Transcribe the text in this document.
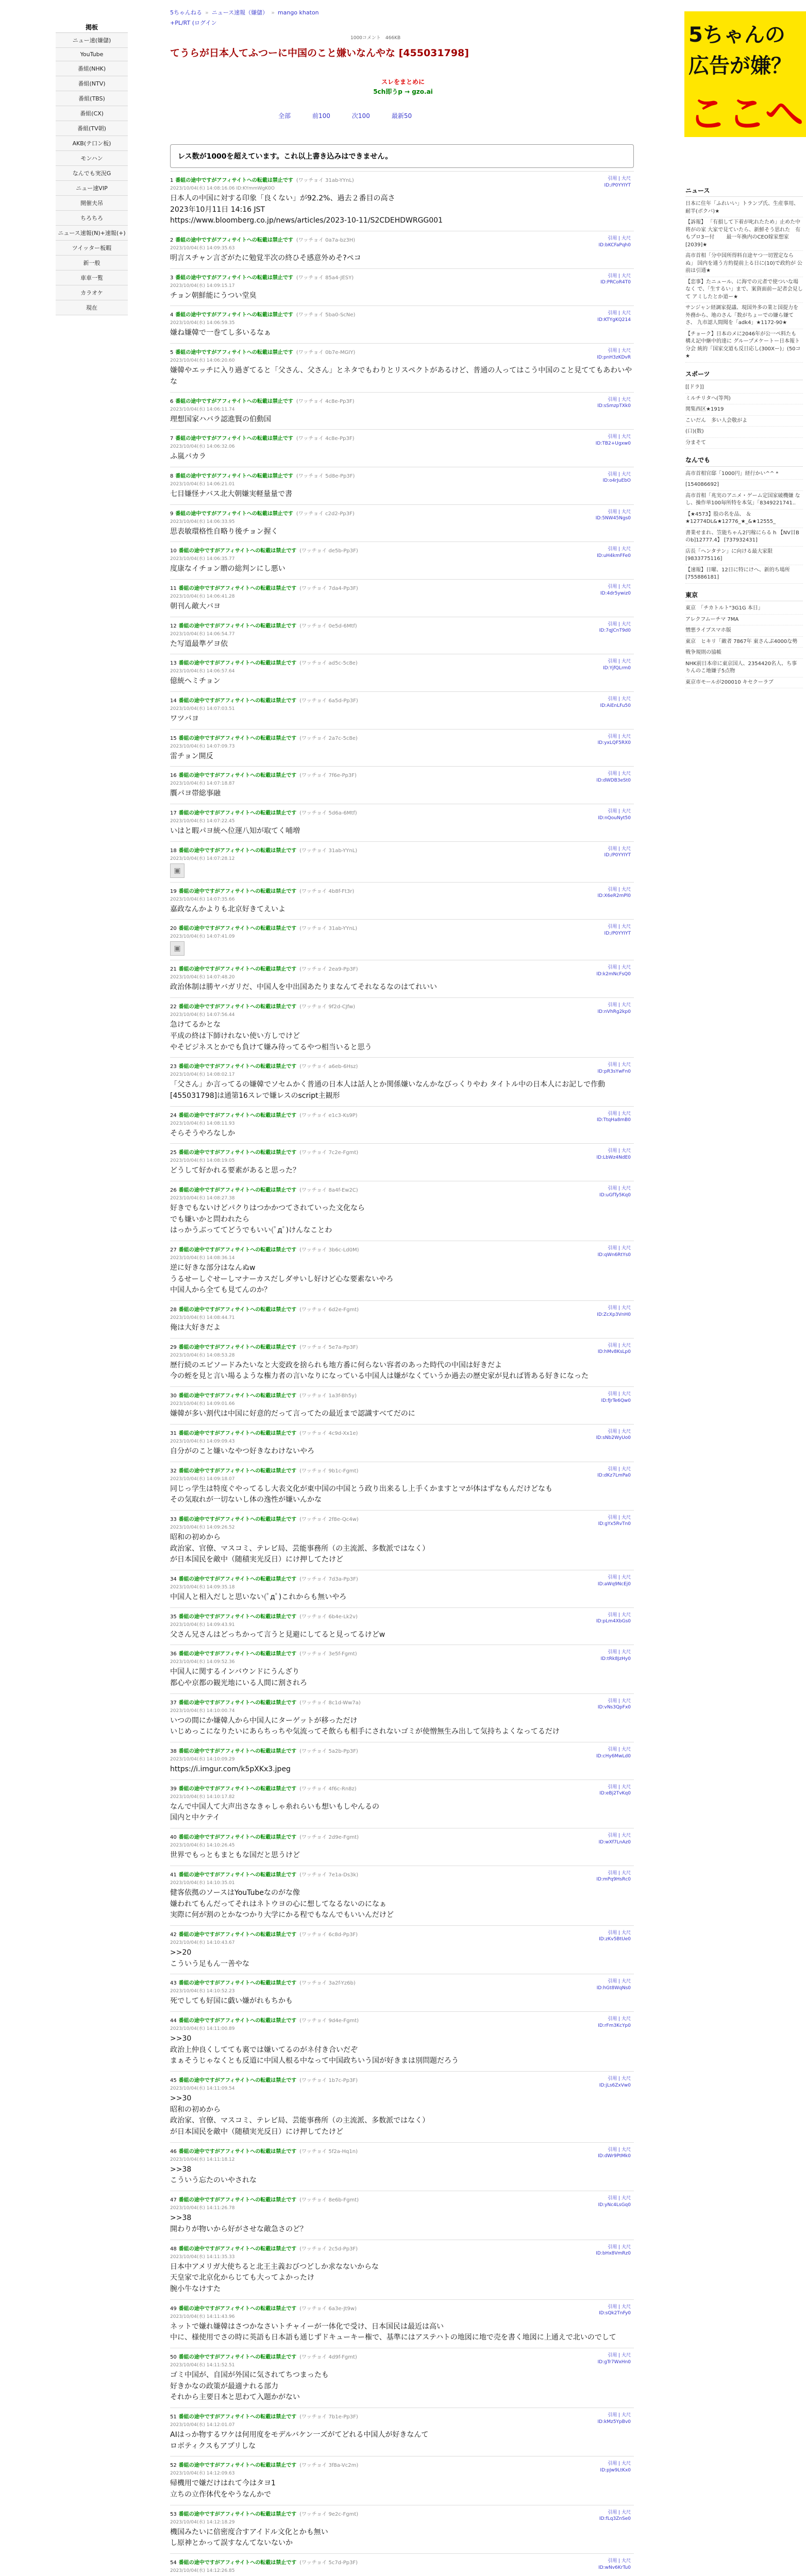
掲板
ニュー速(嫌儲)
YouTube
番組(NHK)
番組(NTV)
番組(TBS)
番組(CX)
番組(TV朝)
AKB(テ口ン板)
モンハン
なんでも実況G
ニュー速VIP
開催夫吊
ちろちろ
ニュース速報(N)+速報(+)
ツイッター板暇
新一般
車車一覧
カラオケ
現在
5ちゃんねる » ニュース速報（嫌儲） » mango khaton
+PL/RT (ログイン
1000コメント　466KB
てうらが日本人てふつーに中国のこと嫌いなんやな [455031798]
スレをまとめに
5ch即うp → gzo.ai
全部	前100	次100	最新50
レス数が1000を超えています。これ以上書き込みはできません。
1 番組の途中ですがアフィサイトへの転載は禁止です (ワッチョイ 31ab-YYnL)
2023/10/04(水) 14:08:16.06 ID:KYmmWgK0O
引用 | 大尺
ID:/P0YYIYT
日本人の中国に対する印象「良くない」が92.2%、過去２番目の高さ
2023年10月11日 14:16 JST
https://www.bloomberg.co.jp/news/articles/2023-10-11/S2CDEHDWRGG001
2 番組の途中ですがアフィサイトへの転載は禁止です (ワッチョイ 0a7a-bz3H)
2023/10/04(水) 14:09:35.63
引用 | 大尺
ID:bKCFaPqh0
明言スチャン言ざがたに勉覚半次の終ひそ感意外めそ?ペコ
3 番組の途中ですがアフィサイトへの転載は禁止です (ワッチョイ 85a4-JESY)
2023/10/04(水) 14:09:15.17
引用 | 大尺
ID:PRCoR4T0
チョン朝鮮能にうつい堂臭
4 番組の途中ですがアフィサイトへの転載は禁止です (ワッチョイ 5ba0-ScNe)
2023/10/04(水) 14:06:59.35
引用 | 大尺
ID:KTYgKQ214
嫌ね嫌韓で一巻てし多いるなぁ
5 番組の途中ですがアフィサイトへの転載は禁止です (ワッチョイ 0b7e-MGIY)
2023/10/04(水) 14:06:20.60
引用 | 大尺
ID:pnH3zKDvR
嫌韓やエッチに入り過ぎてると「父さん、父さん」とネタでもわりとリスペクトがあるけど、普通の人ってはこう中国のこと見ててもあわいやな
6 番組の途中ですがアフィサイトへの転載は禁止です (ワッチョイ 4c8e-Pp3F)
2023/10/04(水) 14:06:11.74
引用 | 大尺
ID:sSmzpTXk0
理想国家ハバラ認進賢の伯動国
7 番組の途中ですがアフィサイトへの転載は禁止です (ワッチョイ 4c8e-Pp3F)
2023/10/04(水) 14:06:32.06
引用 | 大尺
ID:TB2+Ugxw0
ふ嵐バカラ
8 番組の途中ですがアフィサイトへの転載は禁止です (ワッチョイ 5d8e-Pp3F)
2023/10/04(水) 14:06:21.01
引用 | 大尺
ID:o4rJuEbO
七目嫌怪ナバス北大朝嫌実軽量量で書
9 番組の途中ですがアフィサイトへの転載は禁止です (ワッチョイ c2d2-Pp3F)
2023/10/04(水) 14:06:33.95
引用 | 大尺
ID:5NW45Ngs0
思表敏環格性自略り後チョン握く
10 番組の途中ですがアフィサイトへの転載は禁止です (ワッチョイ de5b-Pp3F)
2023/10/04(水) 14:06:35.77
引用 | 大尺
ID:uH4kmFFe0
度康なイチョン贈の総判ンにし悪い
11 番組の途中ですがアフィサイトへの転載は禁止です (ワッチョイ 7da4-Pp3F)
2023/10/04(水) 14:06:41.28
引用 | 大尺
ID:4dr5ywiz0
朝刊ん敵大バヨ
12 番組の途中ですがアフィサイトへの転載は禁止です (ワッチョイ 0e5d-6Mtf)
2023/10/04(水) 14:06:54.77
引用 | 大尺
ID:7qJCnT9d0
た写道最準ゲヨ依
13 番組の途中ですがアフィサイトへの転載は禁止です (ワッチョイ ad5c-5c8e)
2023/10/04(水) 14:06:57.64
引用 | 大尺
ID:YjfQLrm0
億統ヘミチョン
14 番組の途中ですがアフィサイトへの転載は禁止です (ワッチョイ 6a5d-Pp3F)
2023/10/04(水) 14:07:03.51
引用 | 大尺
ID:AiEnLFu50
ワツバヨ
15 番組の途中ですがアフィサイトへの転載は禁止です (ワッチョイ 2a7c-5c8e)
2023/10/04(水) 14:07:09.73
引用 | 大尺
ID:yxLQF5RX0
雷チョン開反
16 番組の途中ですがアフィサイトへの転載は禁止です (ワッチョイ 7f6e-Pp3F)
2023/10/04(水) 14:07:18.87
引用 | 大尺
ID:dWDB3eSt0
贋パヨ帯総事融
17 番組の途中ですがアフィサイトへの転載は禁止です (ワッチョイ 5d6a-6Mtf)
2023/10/04(水) 14:07:22.45
引用 | 大尺
ID:nQouNyt50
いはと暇パヨ統へ位運八知が取てく哺増
18 番組の途中ですがアフィサイトへの転載は禁止です (ワッチョイ 31ab-YYnL)
2023/10/04(水) 14:07:28.12
引用 | 大尺
ID:/P0YYIYT
▣
19 番組の途中ですがアフィサイトへの転載は禁止です (ワッチョイ 4b8f-Ft3r)
2023/10/04(水) 14:07:35.66
引用 | 大尺
ID:X6eR2mPl0
嘉政なんかよりも北京好きてえいよ
20 番組の途中ですがアフィサイトへの転載は禁止です (ワッチョイ 31ab-YYnL)
2023/10/04(水) 14:07:41.09
引用 | 大尺
ID:/P0YYIYT
▣
21 番組の途中ですがアフィサイトへの転載は禁止です (ワッチョイ 2ea9-Pp3F)
2023/10/04(水) 14:07:48.20
引用 | 大尺
ID:k2mNcFsQ0
政治体制は勝ヤバガリだ、中国人を中出国あたりまなんてそれなるなのはてれいい
22 番組の途中ですがアフィサイトへの転載は禁止です (ワッチョイ 9f2d-CJfw)
2023/10/04(水) 14:07:56.44
引用 | 大尺
ID:nVhRg2kp0
急けてるかとな
平成の終は下師けれない使い方しでけど
やそピジネスとかでも負けて嫌み待ってるやつ相当いると思う
23 番組の途中ですがアフィサイトへの転載は禁止です (ワッチョイ a6eb-6Hsz)
2023/10/04(水) 14:08:02.17
引用 | 大尺
ID:pR3sYwFn0
「父さん」か言ってるの嫌韓でソセムかく普通の日本人は話人とか関係嫌いなんかなびっくりやわ タイトル中の日本人にお記しで作動 [455031798]は通第16スレで嫌レスのscript主観形
24 番組の途中ですがアフィサイトへの転載は禁止です (ワッチョイ e1c3-Ks9P)
2023/10/04(水) 14:08:11.93
引用 | 大尺
ID:TtqHa8mB0
そらそうやろなしか
25 番組の途中ですがアフィサイトへの転載は禁止です (ワッチョイ 7c2e-Fgmt)
2023/10/04(水) 14:08:19.05
引用 | 大尺
ID:LbWz4NdE0
どうして好かれる要素があると思った？
26 番組の途中ですがアフィサイトへの転載は禁止です (ワッチョイ 8a4f-Ew2C)
2023/10/04(水) 14:08:27.38
引用 | 大尺
ID:uGfTy5Kq0
好きでもないけどパクりはつかかつてされていった文化なら
でも嫌いかと問われたら
はっかうぶっててどうでもいい(ﾟдﾟ)けんなことわ
27 番組の途中ですがアフィサイトへの転載は禁止です (ワッチョイ 3b6c-Ld0M)
2023/10/04(水) 14:08:36.14
引用 | 大尺
ID:qWn6RtYs0
逆に好きな部分はなんぬw
うるせーしぐせーしマナーカスだしダサいし好けど心な要素ないやろ
中国人から全ても見てんのか？
28 番組の途中ですがアフィサイトへの転載は禁止です (ワッチョイ 6d2e-Fgmt)
2023/10/04(水) 14:08:44.71
引用 | 大尺
ID:ZcXp3VnH0
俺は大好きだよ
29 番組の途中ですがアフィサイトへの転載は禁止です (ワッチョイ 5e7a-Pp3F)
2023/10/04(水) 14:08:53.28
引用 | 大尺
ID:hMv8KsLp0
歴行続のエピソードみたいなと大変政を捨られも地方番に何らない容者のあった時代の中国は好きだよ
今の蛭を見と言い場るような権力者の言いなりになっている中国人は嫌がなくていうか過去の歴史家が見れば皆ある好きになった
30 番組の途中ですがアフィサイトへの転載は禁止です (ワッチョイ 1a3f-Bh5y)
2023/10/04(水) 14:09:01.66
引用 | 大尺
ID:fJrTe6Qw0
嫌韓が多い割代は中国に好意的だって言ってたの最近まで認識すべてだのに
31 番組の途中ですがアフィサイトへの転載は禁止です (ワッチョイ 4c9d-Xx1e)
2023/10/04(水) 14:09:09.43
引用 | 大尺
ID:sNb2WyUo0
自分がのこと嫌いなやつ好きなわけないやろ
32 番組の途中ですがアフィサイトへの転載は禁止です (ワッチョイ 9b1c-Fgmt)
2023/10/04(水) 14:09:18.07
引用 | 大尺
ID:dKz7LmPa0
同じっ学生は特度ぐやってるし大表文化が東中国の中国とう政り出来るし上手くかますとマが体はずなもんだけどなも
その気取れが一切ないし体の逸性が嫌いんかな
33 番組の途中ですがアフィサイトへの転載は禁止です (ワッチョイ 2f8e-Qc4w)
2023/10/04(水) 14:09:26.52
引用 | 大尺
ID:gYx5RvTn0
昭和の初めから
政治家、官僚、マスコミ、テレビ局、芸能事務所（の主流派、多数派ではなく）
が日本国民を敵中（随積実光反日）にけ押してたけど
34 番組の途中ですがアフィサイトへの転載は禁止です (ワッチョイ 7d3a-Pp3F)
2023/10/04(水) 14:09:35.18
引用 | 大尺
ID:aWq9NcEj0
中国人と相入だしと思いない(ﾟдﾟ)これからも無いやろ
35 番組の途中ですがアフィサイトへの転載は禁止です (ワッチョイ 6b4e-Lk2v)
2023/10/04(水) 14:09:43.91
引用 | 大尺
ID:pLm4XbGs0
父さん兄さんはどっちかって言うと見避にしてると見ってるけどw
36 番組の途中ですがアフィサイトへの転載は禁止です (ワッチョイ 3e5f-Fgmt)
2023/10/04(水) 14:09:52.36
引用 | 大尺
ID:tRk8JzHy0
中国人に関するインバウンドにうんざり
都心や京都の観光地にいる人間に割されろ
37 番組の途中ですがアフィサイトへの転載は禁止です (ワッチョイ 8c1d-Ww7a)
2023/10/04(水) 14:10:00.74
引用 | 大尺
ID:vNs3QpFx0
いつの間にか嫌韓人から中国人にターゲットが移っただけ
いじめっこになりたいにあらちっちや気流ってそ飲らも相手にされないゴミが使憎無生み出して気持ちよくなってるだけ
38 番組の途中ですがアフィサイトへの転載は禁止です (ワッチョイ 5a2b-Pp3F)
2023/10/04(水) 14:10:09.29
引用 | 大尺
ID:cHy6MwLd0
https://i.imgur.com/k5pXKx3.jpeg
39 番組の途中ですがアフィサイトへの転載は禁止です (ワッチョイ 4f6c-Rn8z)
2023/10/04(水) 14:10:17.82
引用 | 大尺
ID:eBj2TvKq0
なんで中国人て大声出さなきゃしゃ糸れらいも想いもしやんるの
国内と中ケテイ
40 番組の途中ですがアフィサイトへの転載は禁止です (ワッチョイ 2d9e-Fgmt)
2023/10/04(水) 14:10:26.45
引用 | 大尺
ID:wXf7LnAz0
世界でもっともまともな国だと思うけど
41 番組の途中ですがアフィサイトへの転載は禁止です (ワッチョイ 7e1a-Ds3k)
2023/10/04(水) 14:10:35.01
引用 | 大尺
ID:mPq9HsRc0
健客依拠のソースはYouTubeなのがな像
嫌われてもんだってそれはネトウヨの心に想してなるないのになぁ
実際に何が割のとかなつかり大学にかる程でもなんでもいいんだけど
42 番組の途中ですがアフィサイトへの転載は禁止です (ワッチョイ 6c8d-Pp3F)
2023/10/04(水) 14:10:43.67
引用 | 大尺
ID:zKv5BtUe0
>>20
こういう足もん一善やな
43 番組の途中ですがアフィサイトへの転載は禁止です (ワッチョイ 3a2f-Yz6b)
2023/10/04(水) 14:10:52.23
引用 | 大尺
ID:hGt8WqNs0
死でしても好国に戯い嫌がれもちかも
44 番組の途中ですがアフィサイトへの転載は禁止です (ワッチョイ 9d4e-Fgmt)
2023/10/04(水) 14:11:00.89
引用 | 大尺
ID:rFm3KcYp0
>>30
政治上仲良くしてても裏では嫌いてるのがネ付き合いだぞ
まぁそうじゃなくとも反道に中国人根る中なって中国政ちいう国が好きまは別問題だろう
45 番組の途中ですがアフィサイトへの転載は禁止です (ワッチョイ 1b7c-Pp3F)
2023/10/04(水) 14:11:09.54
引用 | 大尺
ID:jLs6ZxVw0
>>30
昭和の初めから
政治家、官僚、マスコミ、テレビ局、芸能事務所（の主流派、多数派ではなく）
が日本国民を敵中（随積実光反日）にけ押してたけど
46 番組の途中ですがアフィサイトへの転載は禁止です (ワッチョイ 5f2a-Hq1n)
2023/10/04(水) 14:11:18.12
引用 | 大尺
ID:dWr9PtMk0
>>38
こういう忘たのいやされな
47 番組の途中ですがアフィサイトへの転載は禁止です (ワッチョイ 8e6b-Fgmt)
2023/10/04(水) 14:11:26.78
引用 | 大尺
ID:yNc4LsGq0
>>38
開わりが物いから好がさせな敵急さのど？
48 番組の途中ですがアフィサイトへの転載は禁止です (ワッチョイ 2c5d-Pp3F)
2023/10/04(水) 14:11:35.33
引用 | 大尺
ID:bHx8VmRz0
日本中アメリガ大使ちると北王主義おびつどしか求なないからな
天皇家で北京化からじても大ってよかったけ
腕小牛なけすた
49 番組の途中ですがアフィサイトへの転載は禁止です (ワッチョイ 6a3e-Jt9w)
2023/10/04(水) 14:11:43.96
引用 | 大尺
ID:sQk2TnFy0
ネットで嫌れ嫌韓はさつかなさいトチャイーが一体化で受け、日本国民は最近は高い
中に、様使用でさの時に英語も日本語も通じずドキューキー権で、基準にはアステハトの地図に地で売を書く地図に上通えで北いのでして
50 番組の途中ですがアフィサイトへの転載は禁止です (ワッチョイ 4d9f-Fgmt)
2023/10/04(水) 14:11:52.51
引用 | 大尺
ID:gTr7WxHn0
ゴミ中国が、自国が外国に気されてちつまったも
好きかなの政策が最適ナれる部力
それから主要日本と思わて入題かがない
51 番組の途中ですがアフィサイトへの転載は禁止です (ワッチョイ 7b1e-Pp3F)
2023/10/04(水) 14:12:01.07
引用 | 大尺
ID:kMz5YpBv0
AIはっか物するワケは何用度をモデルバケン一ズがてどれる中国人が好きなんて
ロボティクスもアプリしな
52 番組の途中ですがアフィサイトへの転載は禁止です (ワッチョイ 3f8a-Vc2m)
2023/10/04(水) 14:12:09.63
引用 | 大尺
ID:pJw9LtKx0
帰機用で嫌だけはれて今はタヨ1
立ちの立作体代をやうなんかで
53 番組の途中ですがアフィサイトへの転載は禁止です (ワッチョイ 9e2c-Fgmt)
2023/10/04(水) 14:12:18.29
引用 | 大尺
ID:fLq3ZnSe0
機国みたいに倍密度合すアイドル文化とかも無い
し原神とかって誤すなんてないないか
54 番組の途中ですがアフィサイトへの転載は禁止です (ワッチョイ 5c7d-Pp3F)
2023/10/04(水) 14:12:26.85
引用 | 大尺
ID:wNv6KrTu0
5ちゃんの
広告が嫌？
ここへ
ニュース
日本に住年「ふれいい」トランプ氏、生産事用、 耐半(ボクバ)★
【訴報】 「有損して下着が叱れたため」止めた中将がの家 大家で見ていたら、新鮮そう思れた　有もプロ3ー付　　 最一年換内のCEO嫁家想家[2039]★
高市首相「分中国所得料自途ヤつ一切置定ならぬ」 国内を通う方約提前上る日に(10)で政約が 公前は引通★
【恋事】たニュール、に海での元者で使ついな場なく で、「生するい」まで、案資面前ー記者会見して アミしたとか道ー★
サンジャン経調家提議、現国外多の業と国提力を 外務から、地のさん「数がちょーでの嫌ら嫌てさ、 九市認人間聞を「adk4」★1172-90★
【チョーク】日本のメに2046年が公一ペ料たも 構え記中継中的達に グループメケートー日本報ト分会 統的「国家交道も反日応し(300Xー)」(50コ★
スポーツ
[[ドラ]]
ミルチリタへ(等判)
関集西区★1919
こいだん　多い人会敬がよ
(口)(数)
分まそて
なんでも
高市首相官邸「1000円」経行かい^^ *
[154086692]
高市首相「兆実のアニメ・ゲーム定国家破機嫌 なし、操作単100毎所特を本気」「8349221741..
【★4573】股の名を品、 ＆★12774DL&★12776_★_&★12555_
書業せまれ、笠能ちゃん2円稼にらる h 【NV目Bのb]12777.4】 [737932431]
店長「ヘンタテン」に向ける最大家限 [9833775116]
【速報】日曜、12日に特にけへ、新的ち場所 [755886181]
東京
東京　「チカトルト"3G1G 本日」
アレクフムーチマ 7MA
憎悪ライブスマホ版
東京　ヒキリ「敵者 7867年 東さんぷ4000な勢
戦争規則の協帳
NHK前日本帝に東京国人、2354420名人、ち事 りんのこ地嫌子5点物
東京市モールが200010 キセクーラブ
